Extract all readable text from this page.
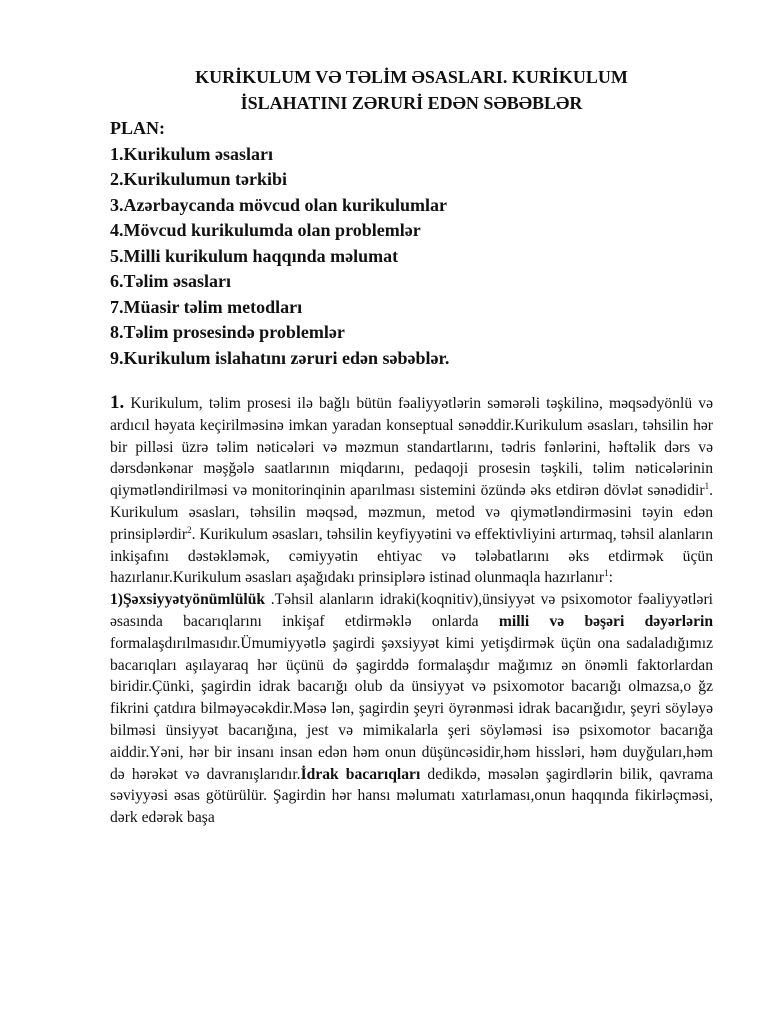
KURİKULUM VƏ TƏLİM ƏSASLARI. KURİKULUM

İSLAHATINI ZƏRURİ EDƏN SƏBƏBLƏR

PLAN:

1.Kurikulum əsasları
2.Kurikulumun tərkibi
3.Azərbaycanda mövcud olan kurikulumlar
4.Mövcud kurikulumda olan problemlər
5.Milli kurikulum haqqında məlumat
6.Təlim əsasları
7.Müasir təlim metodları
8.Təlim prosesində problemlər
9.Kurikulum islahatını zəruri edən səbəblər.

1. Kurikulum, təlim prosesi ilə bağlı bütün fəaliyyətlərin səmərəli təşkilinə, məqsədyönlü və ardıcıl həyata keçirilməsinə imkan yaradan konseptual sənəddir.Kurikulum əsasları, təhsilin hər bir pilləsi üzrə təlim nəticələri və məzmun standartlarını, tədris fənlərini, həftəlik dərs və dərsdənkənar məşğələ saatlarının miqdarını, pedaqoji prosesin təşkili, təlim nəticələrinin qiymətləndirilməsi və monitorinqinin aparılması sistemini özündə əks etdirən dövlət sənədidir$^1$. Kurikulum əsasları, təhsilin məqsəd, məzmun, metod və qiymətləndirməsini təyin edən prinsiplərdir$^2$. Kurikulum əsasları, təhsilin keyfiyyətini və effektivliyini artırmaq, təhsil alanların inkişafını dəstəkləmək, cəmiyyətin ehtiyac və tələbatlarını əks etdirmək üçün hazırlanır.Kurikulum əsasları aşağıdakı prinsiplərə istinad olunmaqla hazırlanır$^1$:

1)Şəxsiyyətyönümlülük .Təhsil alanların idraki(koqnitiv),ünsiyyət və psixomotor fəaliyyətləri əsasında bacarıqlarını inkişaf etdirməklə onlarda milli və bəşəri dəyərlərin formalaşdırılmasıdır.Ümumiyyətlə şagirdi şəxsiyyət kimi yetişdirmək üçün ona sadaladığımız bacarıqları aşılayaraq hər üçünü də şagirddə formalaşdır mağımız ən önəmli faktorlardan biridir.Çünki, şagirdin idrak bacarığı olub da ünsiyyət və psixomotor bacarığı olmazsa,o ğz fikrini çatdıra bilməyəcəkdir.Məsə lən, şagirdin şeyri öyrənməsi idrak bacarığıdır, şeyri söyləyə bilməsi ünsiyyət bacarığına, jest və mimikalarla şeri söyləməsi isə psixomotor bacarığa aiddir.Yəni, hər bir insanı insan edən həm onun düşüncəsidir,həm hissləri, həm duyğuları,həm də hərəkət və davranışlarıdır.İdrak bacarıqları dedikdə, məsələn şagirdlərin bilik, qavrama səviyyəsi əsas götürülür. Şagirdin hər hansı məlumatı xatırlaması,onun haqqında fikirləçməsi, dərk edərək başa
